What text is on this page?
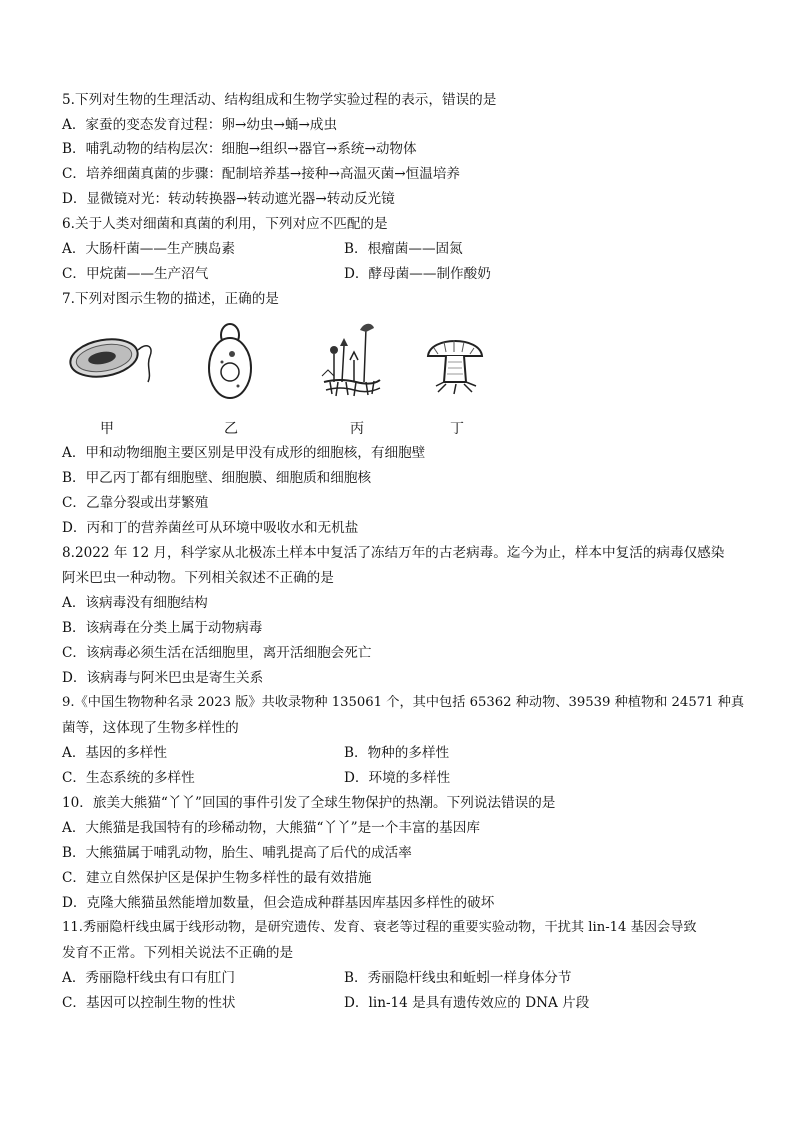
5.下列对生物的生理活动、结构组成和生物学实验过程的表示，错误的是
A．家蚕的变态发育过程：卵→幼虫→蛹→成虫
B．哺乳动物的结构层次：细胞→组织→器官→系统→动物体
C．培养细菌真菌的步骤：配制培养基→接种→高温灭菌→恒温培养
D．显微镜对光：转动转换器→转动遮光器→转动反光镜
6.关于人类对细菌和真菌的利用，下列对应不匹配的是
A．大肠杆菌——生产胰岛素	B．根瘤菌——固氮
C．甲烷菌——生产沼气	D．酵母菌——制作酸奶
7.下列对图示生物的描述，正确的是
甲	乙	丙	丁
A．甲和动物细胞主要区别是甲没有成形的细胞核，有细胞壁
B．甲乙丙丁都有细胞壁、细胞膜、细胞质和细胞核
C．乙靠分裂或出芽繁殖
D．丙和丁的营养菌丝可从环境中吸收水和无机盐
8.2022 年 12 月，科学家从北极冻土样本中复活了冻结万年的古老病毒。迄今为止，样本中复活的病毒仅感染
阿米巴虫一种动物。下列相关叙述不正确的是
A．该病毒没有细胞结构
B．该病毒在分类上属于动物病毒
C．该病毒必须生活在活细胞里，离开活细胞会死亡
D．该病毒与阿米巴虫是寄生关系
9.《中国生物物种名录 2023 版》共收录物种 135061 个，其中包括 65362 种动物、39539 种植物和 24571 种真
菌等，这体现了生物多样性的
A．基因的多样性	B．物种的多样性
C．生态系统的多样性	D．环境的多样性
10．旅美大熊猫“丫丫”回国的事件引发了全球生物保护的热潮。下列说法错误的是
A．大熊猫是我国特有的珍稀动物，大熊猫“丫丫”是一个丰富的基因库
B．大熊猫属于哺乳动物，胎生、哺乳提高了后代的成活率
C．建立自然保护区是保护生物多样性的最有效措施
D．克隆大熊猫虽然能增加数量，但会造成种群基因库基因多样性的破坏
11.秀丽隐杆线虫属于线形动物，是研究遗传、发育、衰老等过程的重要实验动物，干扰其 lin-14 基因会导致
发育不正常。下列相关说法不正确的是
A．秀丽隐杆线虫有口有肛门	B．秀丽隐杆线虫和蚯蚓一样身体分节
C．基因可以控制生物的性状	D．lin-14 是具有遗传效应的 DNA 片段
